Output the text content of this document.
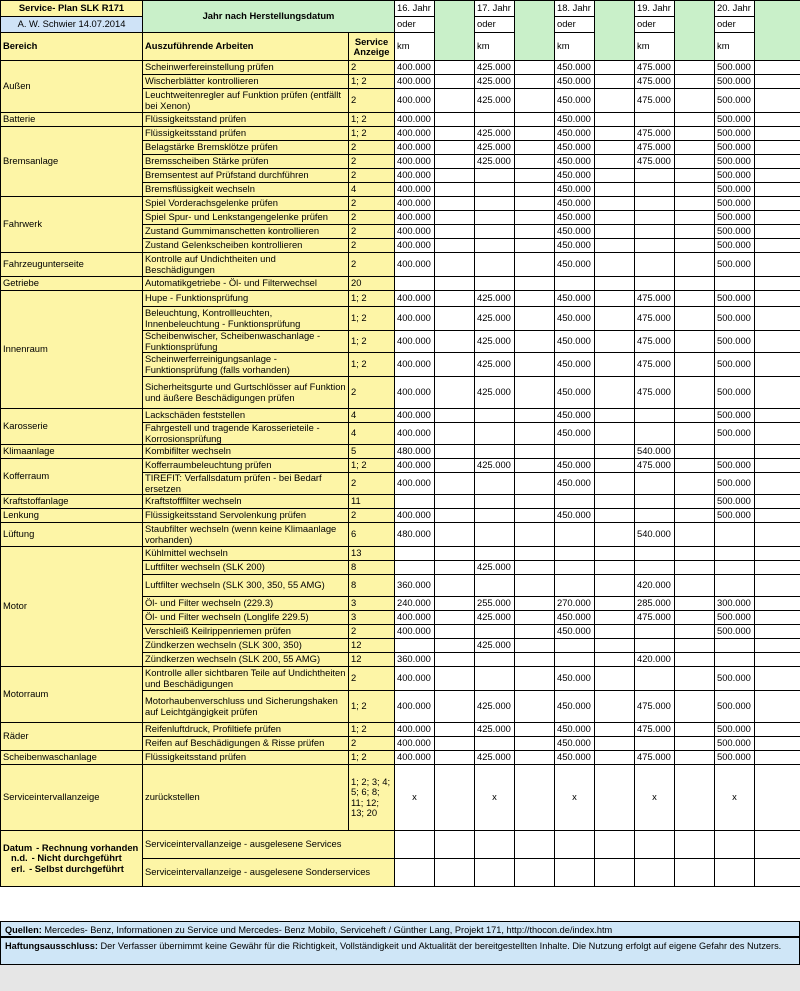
Service- Plan SLK R171	Jahr nach Herstellungsdatum		16. Jahr		17. Jahr		18. Jahr		19. Jahr		20. Jahr	
A. W. Schwier 14.07.2014			oder		oder		oder		oder		oder	
Bereich	Auszuführende Arbeiten	Service Anzeige	km		km		km		km		km	
Außen	Scheinwerfereinstellung prüfen	2	400.000		425.000		450.000		475.000		500.000	
	Wischerblätter kontrollieren	1; 2	400.000		425.000		450.000		475.000		500.000	
	Leuchtweitenregler auf Funktion prüfen (entfällt bei Xenon)	2	400.000		425.000		450.000		475.000		500.000	
Batterie	Flüssigkeitsstand prüfen	1; 2	400.000				450.000				500.000	
Bremsanlage	Flüssigkeitsstand prüfen	1; 2	400.000		425.000		450.000		475.000		500.000	
	Belagstärke Bremsklötze prüfen	2	400.000		425.000		450.000		475.000		500.000	
	Bremsscheiben Stärke prüfen	2	400.000		425.000		450.000		475.000		500.000	
	Bremsentest auf Prüfstand durchführen	2	400.000				450.000				500.000	
	Bremsflüssigkeit wechseln	4	400.000				450.000				500.000	
Fahrwerk	Spiel Vorderachsgelenke prüfen	2	400.000				450.000				500.000	
	Spiel Spur- und Lenkstangengelenke prüfen	2	400.000				450.000				500.000	
	Zustand Gummimanschetten kontrollieren	2	400.000				450.000				500.000	
	Zustand Gelenkscheiben kontrollieren	2	400.000				450.000				500.000	
Fahrzeugunterseite	Kontrolle auf Undichtheiten und Beschädigungen	2	400.000				450.000				500.000	
Getriebe	Automatikgetriebe - Öl- und Filterwechsel	20										
Innenraum	Hupe - Funktionsprüfung	1; 2	400.000		425.000		450.000		475.000		500.000	
	Beleuchtung, Kontrollleuchten, Innenbeleuchtung - Funktionsprüfung	1; 2	400.000		425.000		450.000		475.000		500.000	
	Scheibenwischer, Scheibenwaschanlage - Funktionsprüfung	1; 2	400.000		425.000		450.000		475.000		500.000	
	Scheinwerferreinigungsanlage - Funktionsprüfung (falls vorhanden)	1; 2	400.000		425.000		450.000		475.000		500.000	
	Sicherheitsgurte und Gurtschlösser auf Funktion und äußere Beschädigungen prüfen	2	400.000		425.000		450.000		475.000		500.000	
Karosserie	Lackschäden feststellen	4	400.000				450.000				500.000	
	Fahrgestell und tragende Karosserieteile - Korrosionsprüfung	4	400.000				450.000				500.000	
Klimaanlage	Kombifilter wechseln	5	480.000						540.000			
Kofferraum	Kofferraumbeleuchtung prüfen	1; 2	400.000		425.000		450.000		475.000		500.000	
	TIREFIT: Verfallsdatum prüfen - bei Bedarf ersetzen	2	400.000				450.000				500.000	
Kraftstoffanlage	Kraftstofffilter wechseln	11									500.000	
Lenkung	Flüssigkeitsstand Servolenkung prüfen	2	400.000				450.000				500.000	
Lüftung	Staubfilter wechseln (wenn keine Klimaanlage vorhanden)	6	480.000						540.000			
Motor	Kühlmittel wechseln	13										
	Luftfilter wechseln (SLK 200)	8			425.000							
	Luftfilter wechseln (SLK 300, 350, 55 AMG)	8	360.000						420.000			
	Öl- und Filter wechseln (229.3)	3	240.000		255.000		270.000		285.000		300.000	
	Öl- und Filter wechseln (Longlife 229.5)	3	400.000		425.000		450.000		475.000		500.000	
	Verschleiß Keilrippenriemen prüfen	2	400.000				450.000				500.000	
	Zündkerzen wechseln (SLK 300, 350)	12			425.000							
	Zündkerzen wechseln (SLK 200, 55 AMG)	12	360.000						420.000			
Motorraum	Kontrolle aller sichtbaren Teile auf Undichtheiten und Beschädigungen	2	400.000				450.000				500.000	
	Motorhaubenverschluss und Sicherungshaken auf Leichtgängigkeit prüfen	1; 2	400.000		425.000		450.000		475.000		500.000	
Räder	Reifenluftdruck, Profiltiefe prüfen	1; 2	400.000		425.000		450.000		475.000		500.000	
	Reifen auf Beschädigungen & Risse prüfen	2	400.000				450.000				500.000	
Scheibenwaschanlage	Flüssigkeitsstand prüfen	1; 2	400.000		425.000		450.000		475.000		500.000	
Serviceintervallanzeige	zurückstellen	1; 2; 3; 4; 5; 6; 8; 11; 12; 13; 20	x		x		x		x		x	

Datum - Rechnung vorhanden
n.d. - Nicht durchgeführt
erl. - Selbst durchgeführt	Serviceintervallanzeige - ausgelesene Services											
	Serviceintervallanzeige - ausgelesene Sonderservices											
Quellen: Mercedes- Benz, Informationen zu Service und Mercedes- Benz Mobilo, Serviceheft / Günther Lang, Projekt 171, http://thocon.de/index.htm
Haftungsausschluss: Der Verfasser übernimmt keine Gewähr für die Richtigkeit, Vollständigkeit und Aktualität der bereitgestellten Inhalte. Die Nutzung erfolgt auf eigene Gefahr des Nutzers.
